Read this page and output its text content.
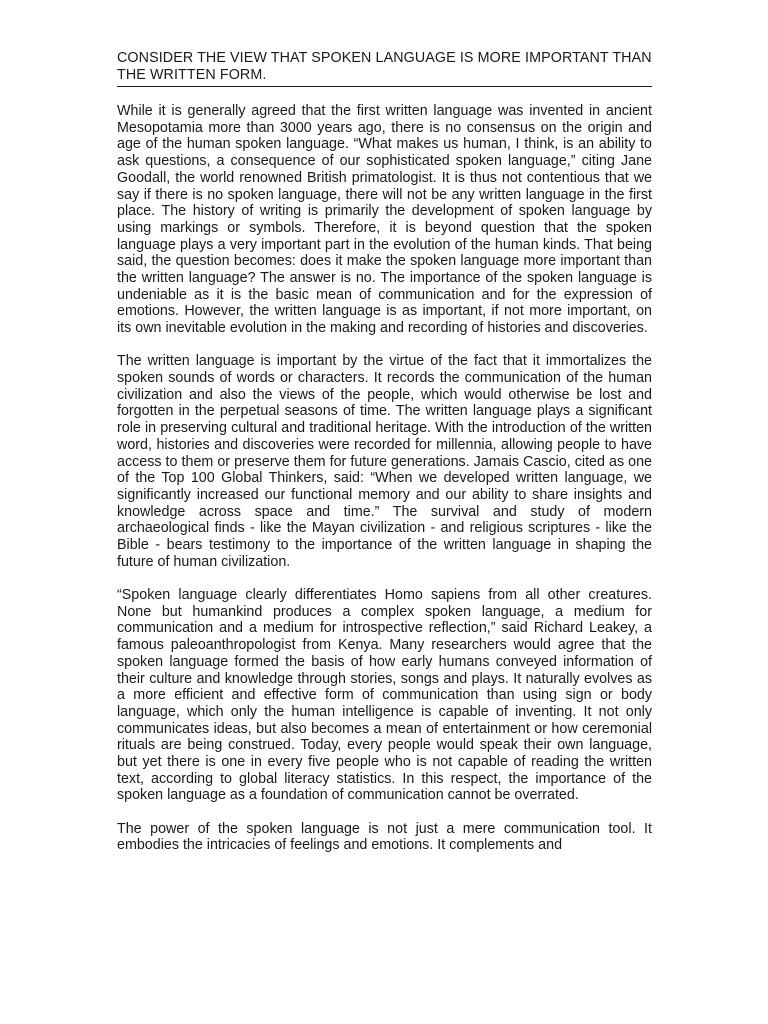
CONSIDER THE VIEW THAT SPOKEN LANGUAGE IS MORE IMPORTANT THAN THE WRITTEN FORM.

While it is generally agreed that the first written language was invented in ancient Mesopotamia more than 3000 years ago, there is no consensus on the origin and age of the human spoken language. “What makes us human, I think, is an ability to ask questions, a consequence of our sophisticated spoken language,” citing Jane Goodall, the world renowned British primatologist. It is thus not contentious that we say if there is no spoken language, there will not be any written language in the first place. The history of writing is primarily the development of spoken language by using markings or symbols. Therefore, it is beyond question that the spoken language plays a very important part in the evolution of the human kinds. That being said, the question becomes: does it make the spoken language more important than the written language? The answer is no. The importance of the spoken language is undeniable as it is the basic mean of communication and for the expression of emotions. However, the written language is as important, if not more important, on its own inevitable evolution in the making and recording of histories and discoveries.

The written language is important by the virtue of the fact that it immortalizes the spoken sounds of words or characters. It records the communication of the human civilization and also the views of the people, which would otherwise be lost and forgotten in the perpetual seasons of time. The written language plays a significant role in preserving cultural and traditional heritage. With the introduction of the written word, histories and discoveries were recorded for millennia, allowing people to have access to them or preserve them for future generations. Jamais Cascio, cited as one of the Top 100 Global Thinkers, said: “When we developed written language, we significantly increased our functional memory and our ability to share insights and knowledge across space and time.” The survival and study of modern archaeological finds - like the Mayan civilization - and religious scriptures - like the Bible - bears testimony to the importance of the written language in shaping the future of human civilization.

“Spoken language clearly differentiates Homo sapiens from all other creatures. None but humankind produces a complex spoken language, a medium for communication and a medium for introspective reflection,” said Richard Leakey, a famous paleoanthropologist from Kenya. Many researchers would agree that the spoken language formed the basis of how early humans conveyed information of their culture and knowledge through stories, songs and plays. It naturally evolves as a more efficient and effective form of communication than using sign or body language, which only the human intelligence is capable of inventing. It not only communicates ideas, but also becomes a mean of entertainment or how ceremonial rituals are being construed. Today, every people would speak their own language, but yet there is one in every five people who is not capable of reading the written text, according to global literacy statistics. In this respect, the importance of the spoken language as a foundation of communication cannot be overrated.

The power of the spoken language is not just a mere communication tool. It embodies the intricacies of feelings and emotions. It complements and
